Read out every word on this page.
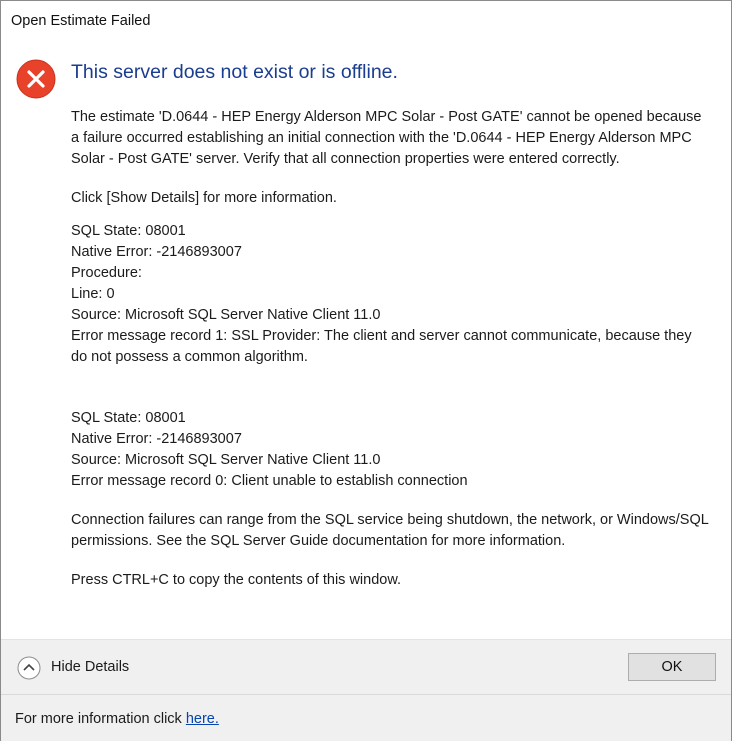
Open Estimate Failed
This server does not exist or is offline.

The estimate 'D.0644 - HEP Energy Alderson MPC Solar - Post GATE' cannot be opened because a failure occurred establishing an initial connection with the 'D.0644 - HEP Energy Alderson MPC Solar - Post GATE' server. Verify that all connection properties were entered correctly.

Click [Show Details] for more information.

SQL State: 08001

Native Error: -2146893007

Procedure:

Line: 0

Source: Microsoft SQL Server Native Client 11.0

Error message record 1: SSL Provider: The client and server cannot communicate, because they do not possess a common algorithm.

SQL State: 08001

Native Error: -2146893007

Source: Microsoft SQL Server Native Client 11.0

Error message record 0: Client unable to establish connection

Connection failures can range from the SQL service being shutdown, the network, or Windows/SQL permissions. See the SQL Server Guide documentation for more information.

Press CTRL+C to copy the contents of this window.

Hide Details	OK
For more information click here.
